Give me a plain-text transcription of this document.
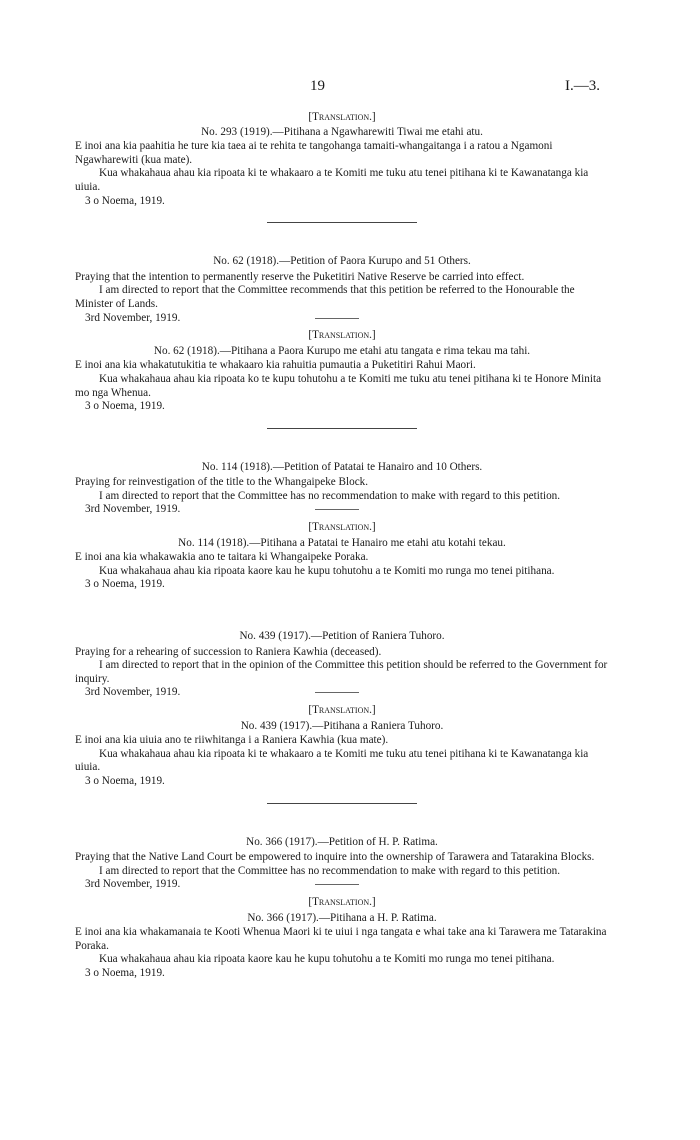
19	I.—3.

[Translation.]

No. 293 (1919).—Pitihana a Ngawharewiti Tiwai me etahi atu.

E inoi ana kia paahitia he ture kia taea ai te rehita te tangohanga tamaiti-whangaitanga i a ratou a Ngamoni Ngawharewiti (kua mate).

Kua whakahaua ahau kia ripoata ki te whakaaro a te Komiti me tuku atu tenei pitihana ki te Kawanatanga kia uiuia.

3 o Noema, 1919.

No. 62 (1918).—Petition of Paora Kurupo and 51 Others.

Praying that the intention to permanently reserve the Puketitiri Native Reserve be carried into effect.

I am directed to report that the Committee recommends that this petition be referred to the Honourable the Minister of Lands.

3rd November, 1919.

[Translation.]

No. 62 (1918).—Pitihana a Paora Kurupo me etahi atu tangata e rima tekau ma tahi.

E inoi ana kia whakatutukitia te whakaaro kia rahuitia pumautia a Puketitiri Rahui Maori.

Kua whakahaua ahau kia ripoata ko te kupu tohutohu a te Komiti me tuku atu tenei pitihana ki te Honore Minita mo nga Whenua.

3 o Noema, 1919.

No. 114 (1918).—Petition of Patatai te Hanairo and 10 Others.

Praying for reinvestigation of the title to the Whangaipeke Block.

I am directed to report that the Committee has no recommendation to make with regard to this petition.

3rd November, 1919.

[Translation.]

No. 114 (1918).—Pitihana a Patatai te Hanairo me etahi atu kotahi tekau.

E inoi ana kia whakawakia ano te taitara ki Whangaipeke Poraka.

Kua whakahaua ahau kia ripoata kaore kau he kupu tohutohu a te Komiti mo runga mo tenei pitihana.

3 o Noema, 1919.

No. 439 (1917).—Petition of Raniera Tuhoro.

Praying for a rehearing of succession to Raniera Kawhia (deceased).

I am directed to report that in the opinion of the Committee this petition should be referred to the Government for inquiry.

3rd November, 1919.

[Translation.]

No. 439 (1917).—Pitihana a Raniera Tuhoro.

E inoi ana kia uiuia ano te riiwhitanga i a Raniera Kawhia (kua mate).

Kua whakahaua ahau kia ripoata ki te whakaaro a te Komiti me tuku atu tenei pitihana ki te Kawanatanga kia uiuia.

3 o Noema, 1919.

No. 366 (1917).—Petition of H. P. Ratima.

Praying that the Native Land Court be empowered to inquire into the ownership of Tarawera and Tatarakina Blocks.

I am directed to report that the Committee has no recommendation to make with regard to this petition.

3rd November, 1919.

[Translation.]

No. 366 (1917).—Pitihana a H. P. Ratima.

E inoi ana kia whakamanaia te Kooti Whenua Maori ki te uiui i nga tangata e whai take ana ki Tarawera me Tatarakina Poraka.

Kua whakahaua ahau kia ripoata kaore kau he kupu tohutohu a te Komiti mo runga mo tenei pitihana.

3 o Noema, 1919.
